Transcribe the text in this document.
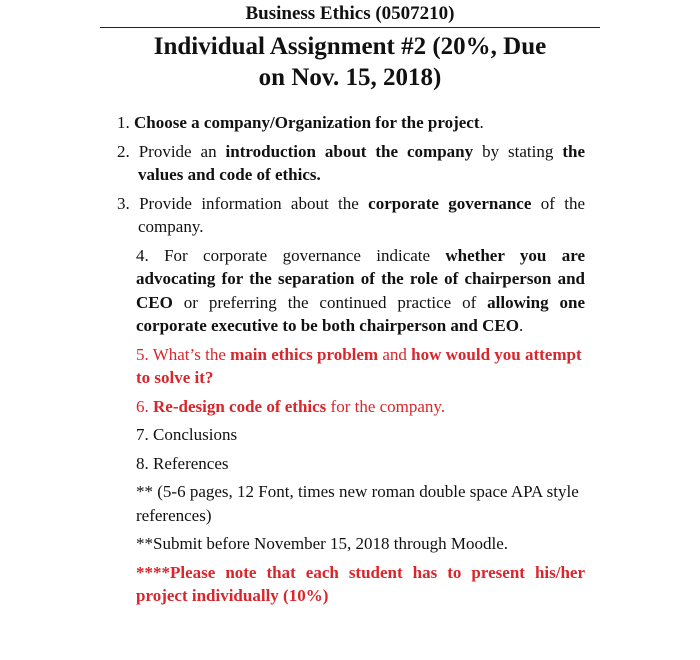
Business Ethics (0507210)
Individual Assignment #2 (20%, Due
on Nov. 15, 2018)
1. Choose a company/Organization for the project.
2. Provide an introduction about the company by stating the values and code of ethics.
3. Provide information about the corporate governance of the company.
4. For corporate governance indicate whether you are advocating for the separation of the role of chairperson and CEO or preferring the continued practice of allowing one corporate executive to be both chairperson and CEO.
5. What’s the main ethics problem and how would you attempt to solve it?
6. Re-design code of ethics for the company.
7. Conclusions
8. References
** (5-6 pages, 12 Font, times new roman double space APA style references)
**Submit before November 15, 2018 through Moodle.
****Please note that each student has to present his/her project individually (10%)
